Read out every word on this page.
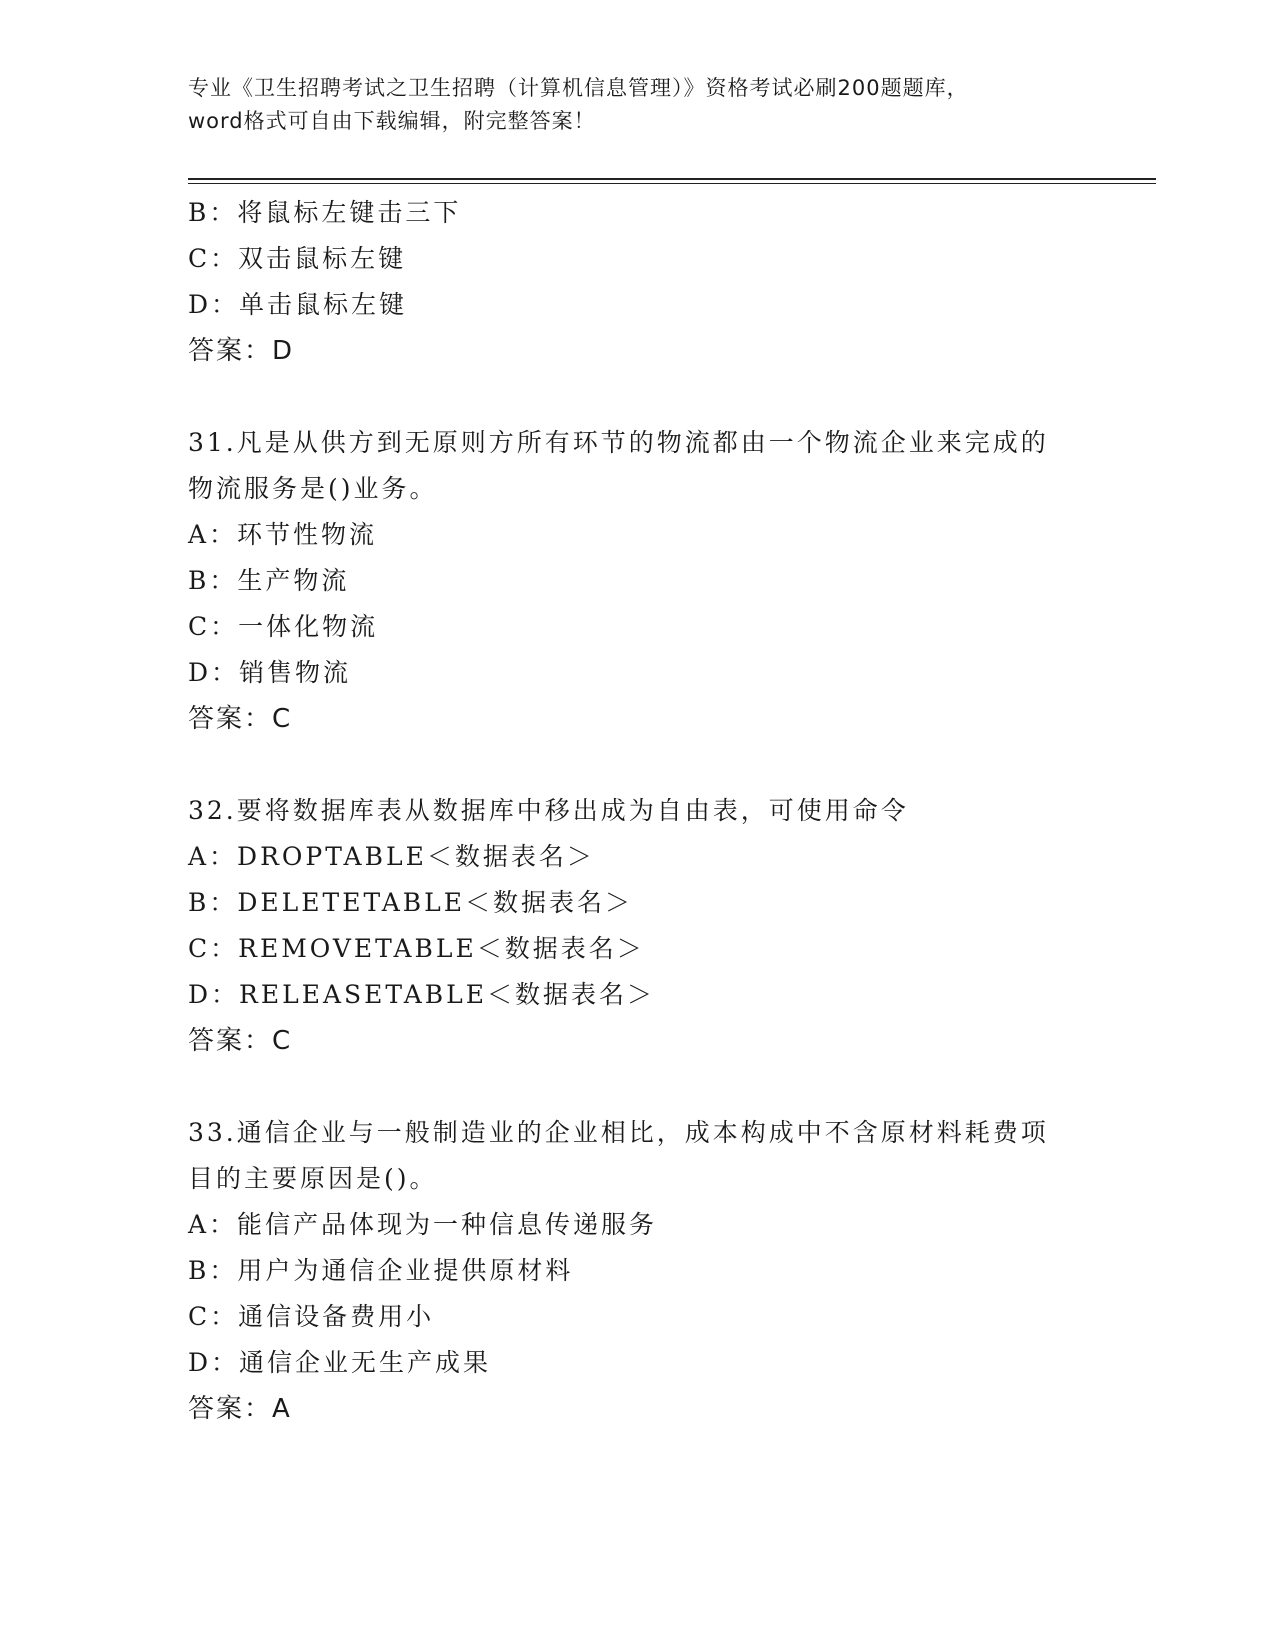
专业《卫生招聘考试之卫生招聘（计算机信息管理）》资格考试必刷200题题库，
word格式可自由下载编辑，附完整答案！
B：将鼠标左键击三下
C：双击鼠标左键
D：单击鼠标左键
答案：D
31.凡是从供方到无原则方所有环节的物流都由一个物流企业来完成的
物流服务是()业务。
A：环节性物流
B：生产物流
C：一体化物流
D：销售物流
答案：C
32.要将数据库表从数据库中移出成为自由表，可使用命令
A：DROPTABLE＜数据表名＞
B：DELETETABLE＜数据表名＞
C：REMOVETABLE＜数据表名＞
D：RELEASETABLE＜数据表名＞
答案：C
33.通信企业与一般制造业的企业相比，成本构成中不含原材料耗费项
目的主要原因是()。
A：能信产品体现为一种信息传递服务
B：用户为通信企业提供原材料
C：通信设备费用小
D：通信企业无生产成果
答案：A
